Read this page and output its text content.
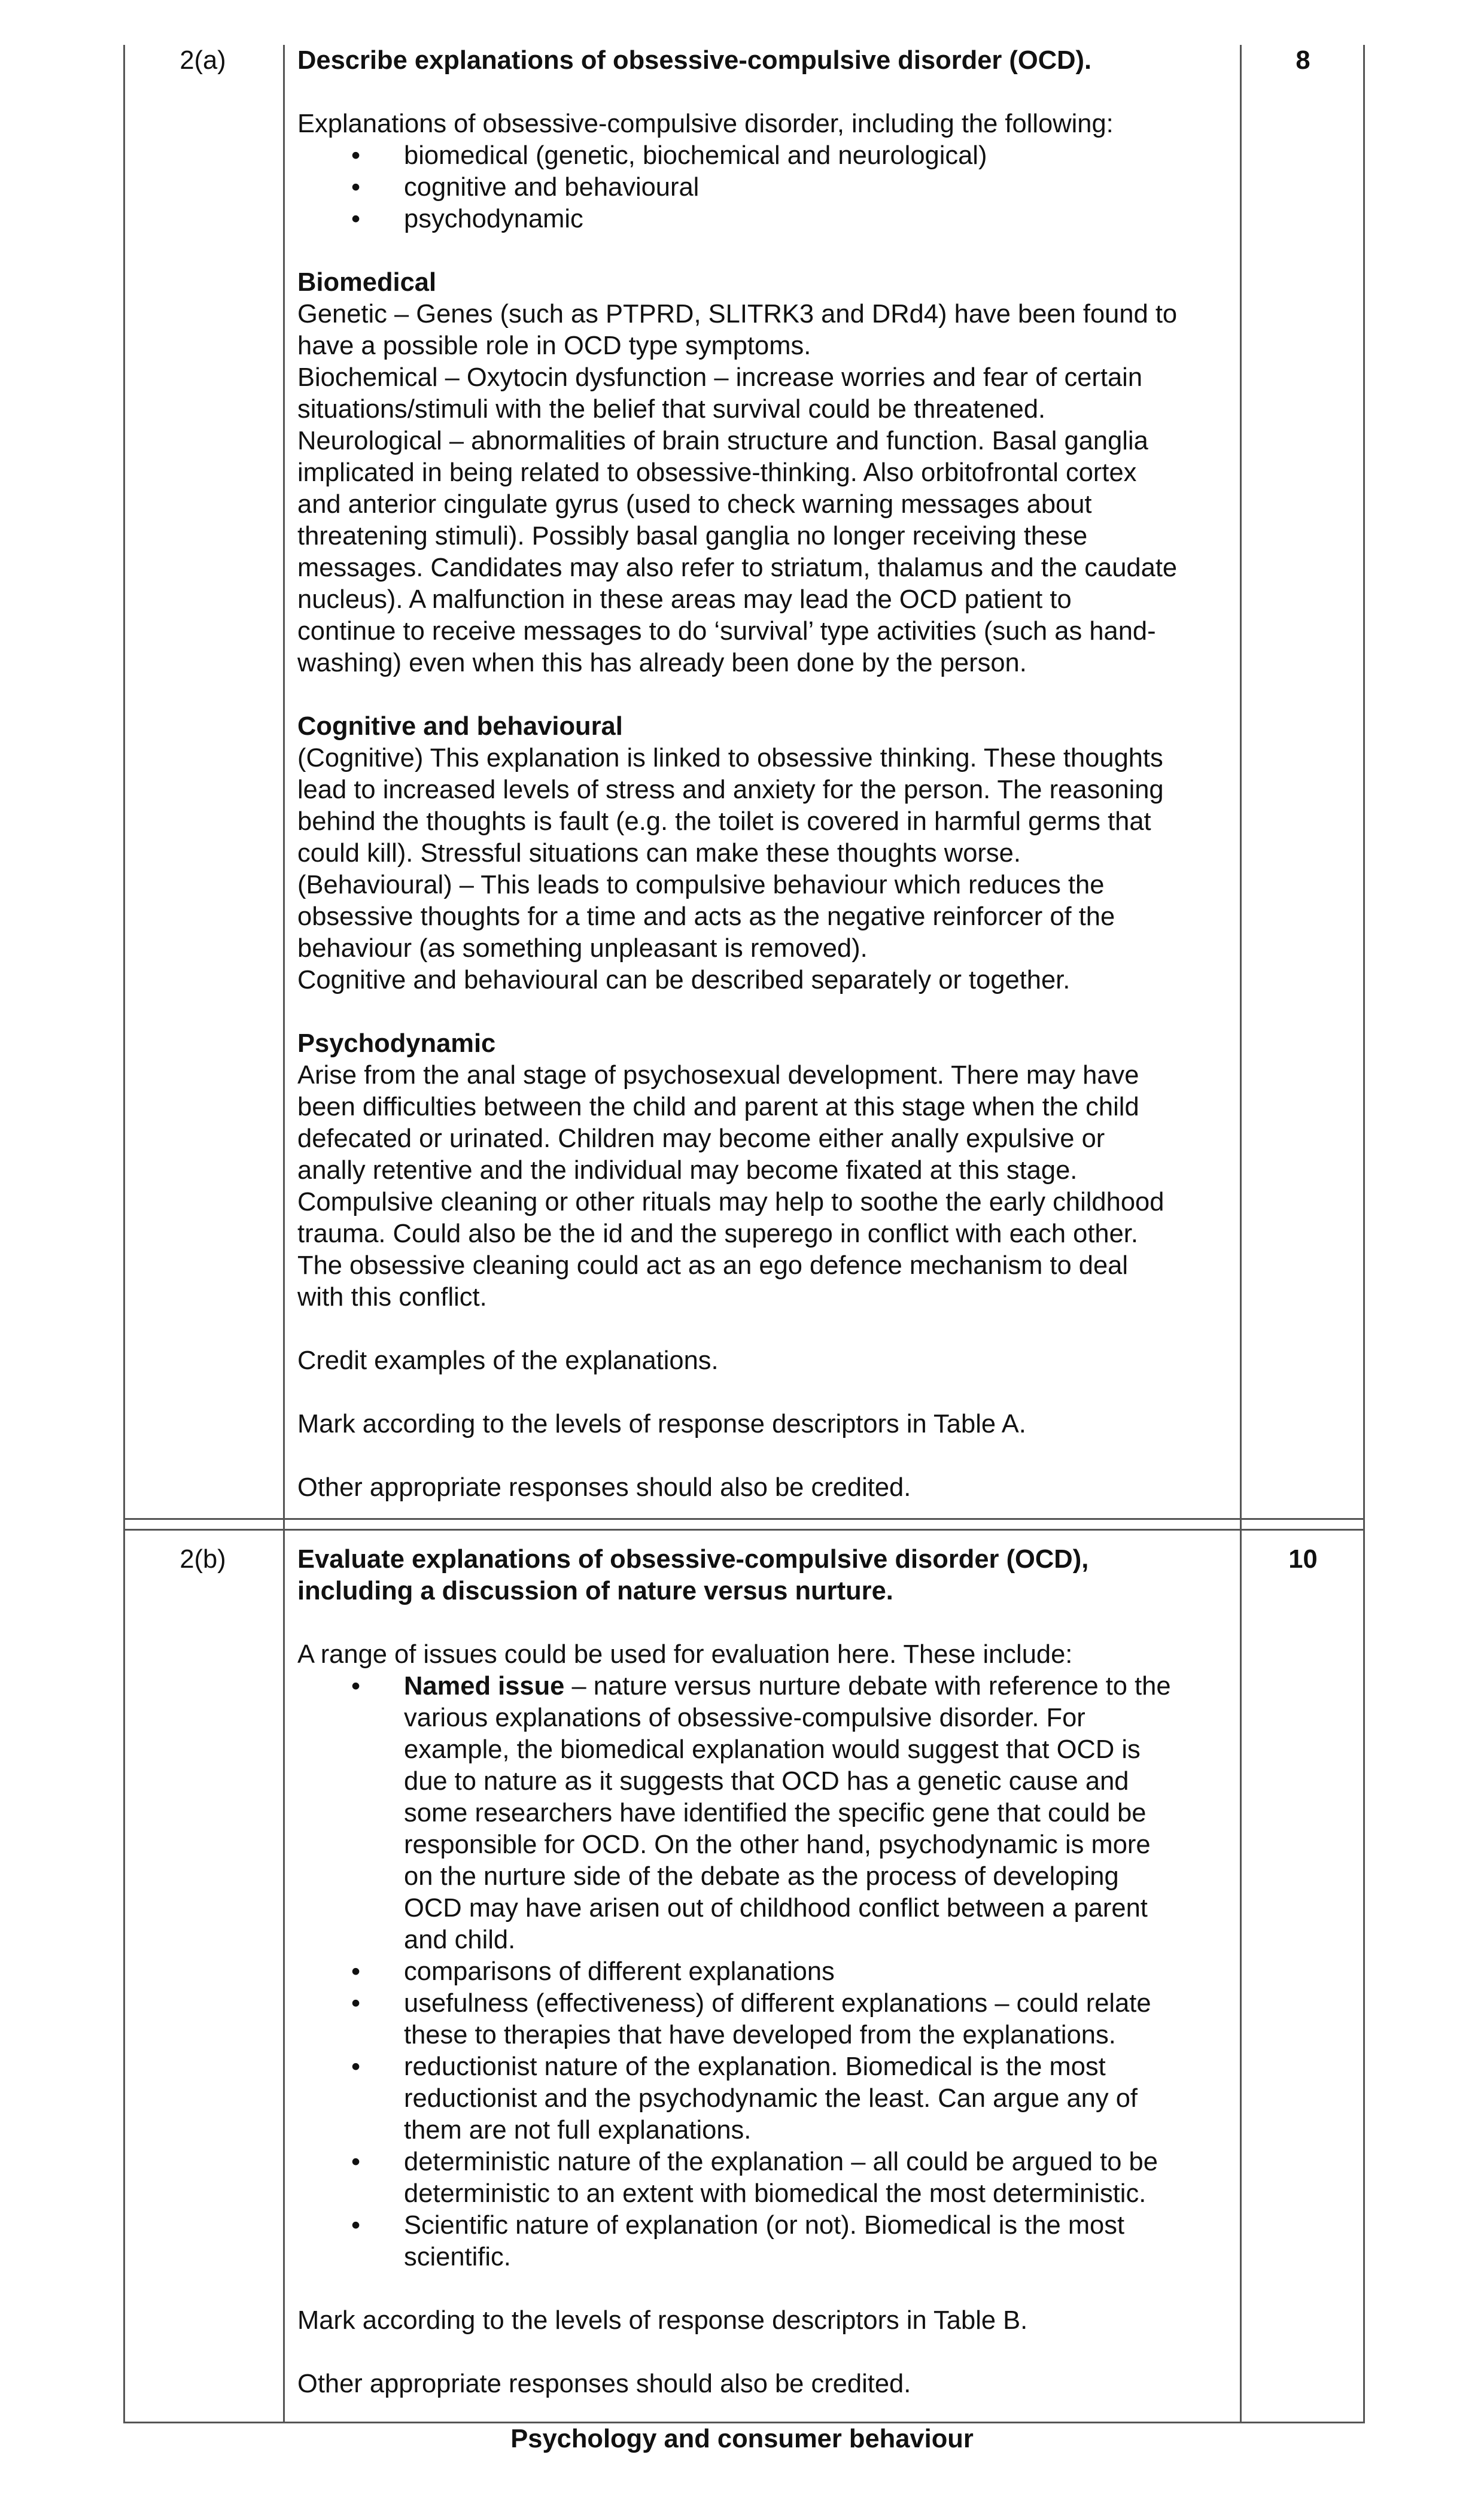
2(a)	8

Describe explanations of obsessive-compulsive disorder (OCD).

Explanations of obsessive-compulsive disorder, including the following:

• biomedical (genetic, biochemical and neurological)
• cognitive and behavioural
• psychodynamic

Biomedical

Genetic – Genes (such as PTPRD, SLITRK3 and DRd4) have been found to

have a possible role in OCD type symptoms.

Biochemical – Oxytocin dysfunction – increase worries and fear of certain

situations/stimuli with the belief that survival could be threatened.

Neurological – abnormalities of brain structure and function. Basal ganglia

implicated in being related to obsessive-thinking. Also orbitofrontal cortex

and anterior cingulate gyrus (used to check warning messages about

threatening stimuli). Possibly basal ganglia no longer receiving these

messages. Candidates may also refer to striatum, thalamus and the caudate

nucleus). A malfunction in these areas may lead the OCD patient to

continue to receive messages to do ‘survival’ type activities (such as hand-

washing) even when this has already been done by the person.

Cognitive and behavioural

(Cognitive) This explanation is linked to obsessive thinking. These thoughts

lead to increased levels of stress and anxiety for the person. The reasoning

behind the thoughts is fault (e.g. the toilet is covered in harmful germs that

could kill). Stressful situations can make these thoughts worse.

(Behavioural) – This leads to compulsive behaviour which reduces the

obsessive thoughts for a time and acts as the negative reinforcer of the

behaviour (as something unpleasant is removed).

Cognitive and behavioural can be described separately or together.

Psychodynamic

Arise from the anal stage of psychosexual development. There may have

been difficulties between the child and parent at this stage when the child

defecated or urinated. Children may become either anally expulsive or

anally retentive and the individual may become fixated at this stage.

Compulsive cleaning or other rituals may help to soothe the early childhood

trauma. Could also be the id and the superego in conflict with each other.

The obsessive cleaning could act as an ego defence mechanism to deal

with this conflict.

Credit examples of the explanations.

Mark according to the levels of response descriptors in Table A.

Other appropriate responses should also be credited.

2(b)	10

Evaluate explanations of obsessive-compulsive disorder (OCD),

including a discussion of nature versus nurture.

A range of issues could be used for evaluation here. These include:

• Named issue – nature versus nurture debate with reference to the
various explanations of obsessive-compulsive disorder. For
example, the biomedical explanation would suggest that OCD is
due to nature as it suggests that OCD has a genetic cause and
some researchers have identified the specific gene that could be
responsible for OCD. On the other hand, psychodynamic is more
on the nurture side of the debate as the process of developing
OCD may have arisen out of childhood conflict between a parent
and child.
• comparisons of different explanations
• usefulness (effectiveness) of different explanations – could relate
these to therapies that have developed from the explanations.
• reductionist nature of the explanation. Biomedical is the most
reductionist and the psychodynamic the least. Can argue any of
them are not full explanations.
• deterministic nature of the explanation – all could be argued to be
deterministic to an extent with biomedical the most deterministic.
• Scientific nature of explanation (or not). Biomedical is the most
scientific.

Mark according to the levels of response descriptors in Table B.

Other appropriate responses should also be credited.

Psychology and consumer behaviour
